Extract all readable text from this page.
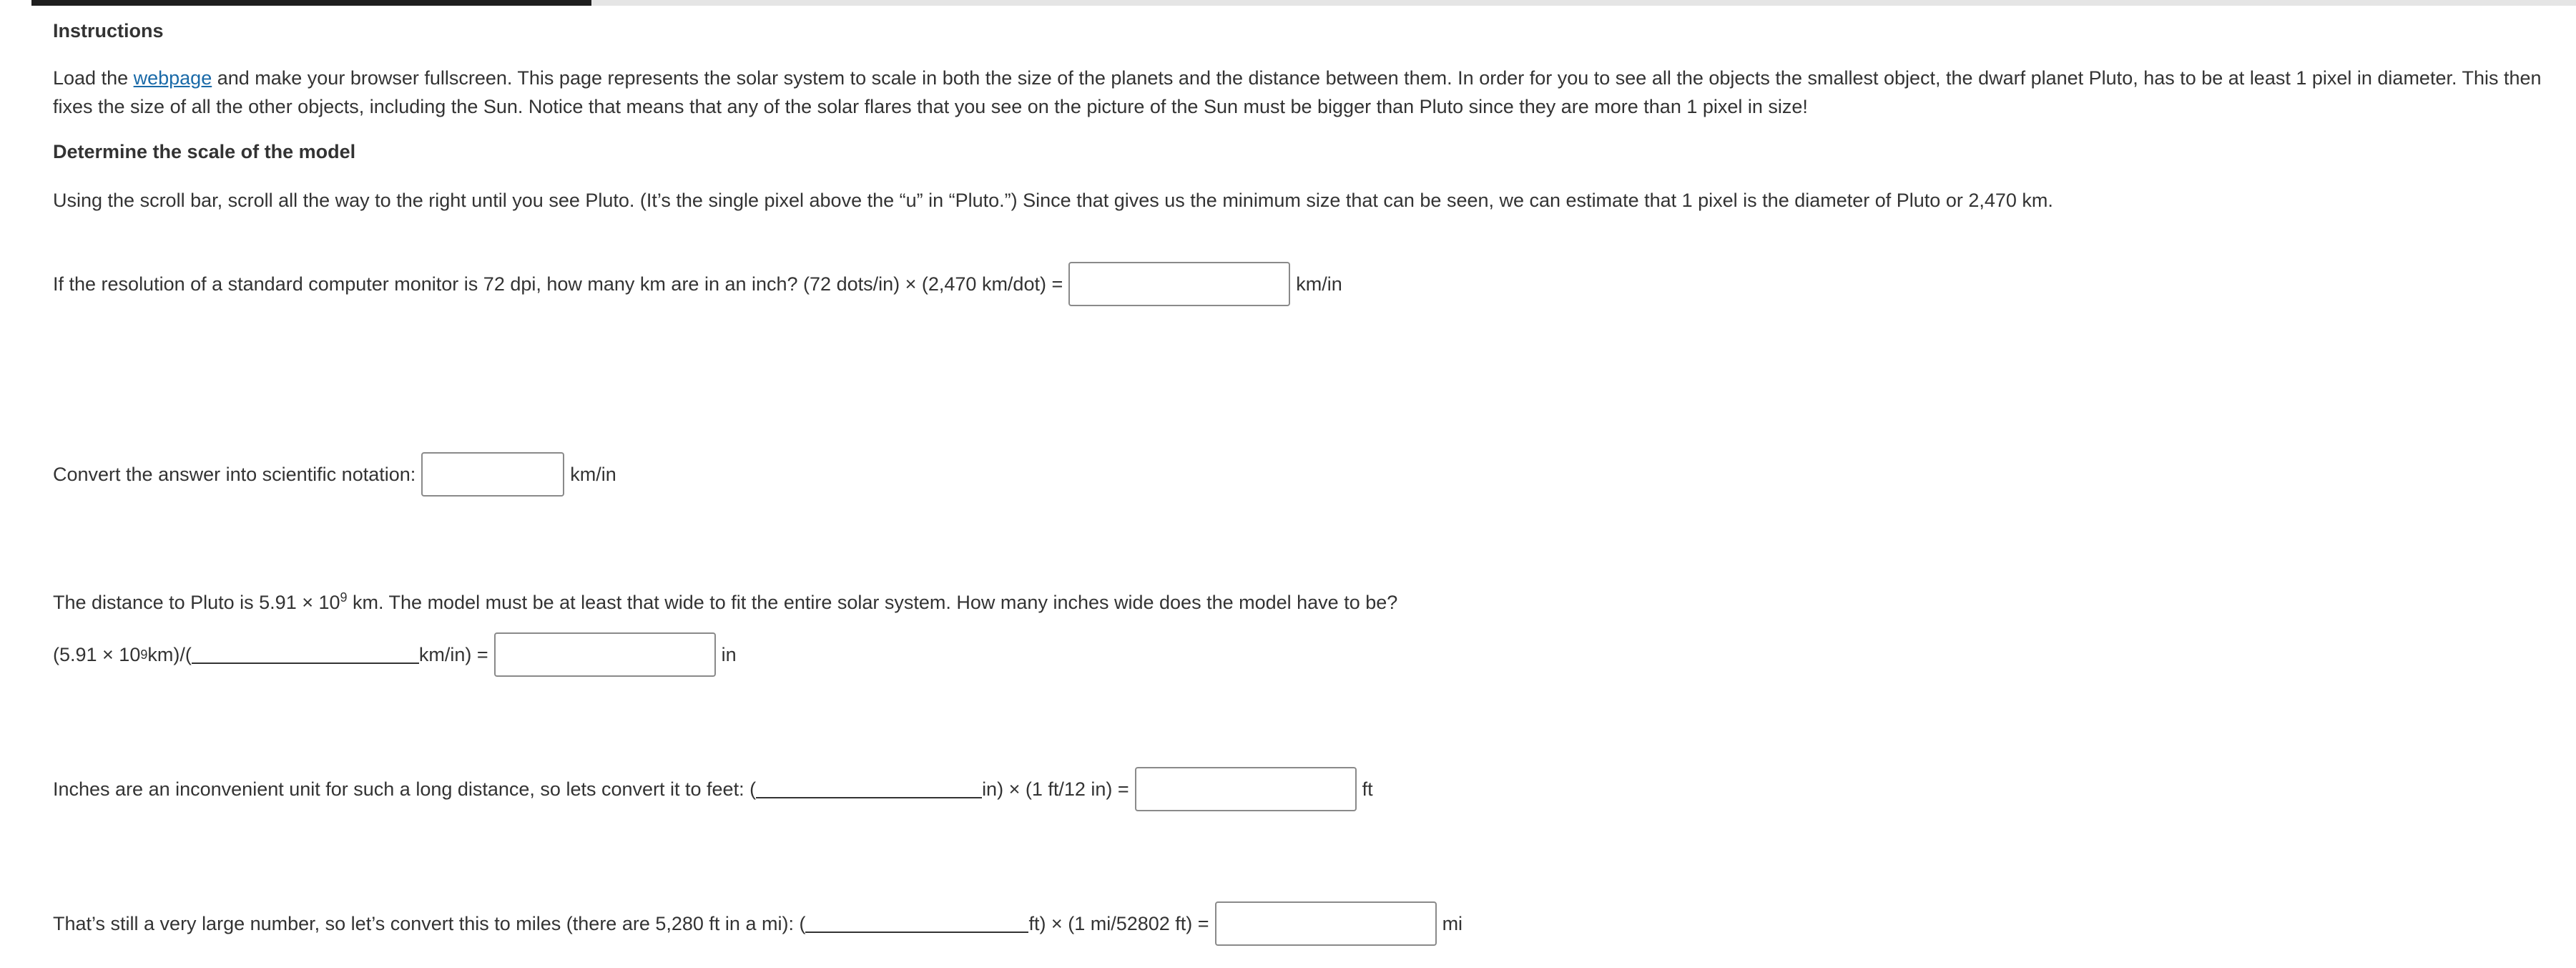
Instructions
Load the webpage and make your browser fullscreen. This page represents the solar system to scale in both the size of the planets and the distance between them. In order for you to see all the objects the smallest object, the dwarf planet Pluto, has to be at least 1 pixel in diameter. This then fixes the size of all the other objects, including the Sun. Notice that means that any of the solar flares that you see on the picture of the Sun must be bigger than Pluto since they are more than 1 pixel in size!
Determine the scale of the model
Using the scroll bar, scroll all the way to the right until you see Pluto. (It’s the single pixel above the “u” in “Pluto.”) Since that gives us the minimum size that can be seen, we can estimate that 1 pixel is the diameter of Pluto or 2,470 km.
If the resolution of a standard computer monitor is 72 dpi, how many km are in an inch? (72 dots/in) × (2,470 km/dot) =	km/in
Convert the answer into scientific notation:	km/in
The distance to Pluto is $5.91 \times 10^9$ km. The model must be at least that wide to fit the entire solar system. How many inches wide does the model have to be?
(5.91 × 10 9 km)/(	km/in) =	in
Inches are an inconvenient unit for such a long distance, so lets convert it to feet: (	in) × (1 ft/12 in) =	ft
That’s still a very large number, so let’s convert this to miles (there are 5,280 ft in a mi): (	ft) × (1 mi/52802 ft) =	mi
